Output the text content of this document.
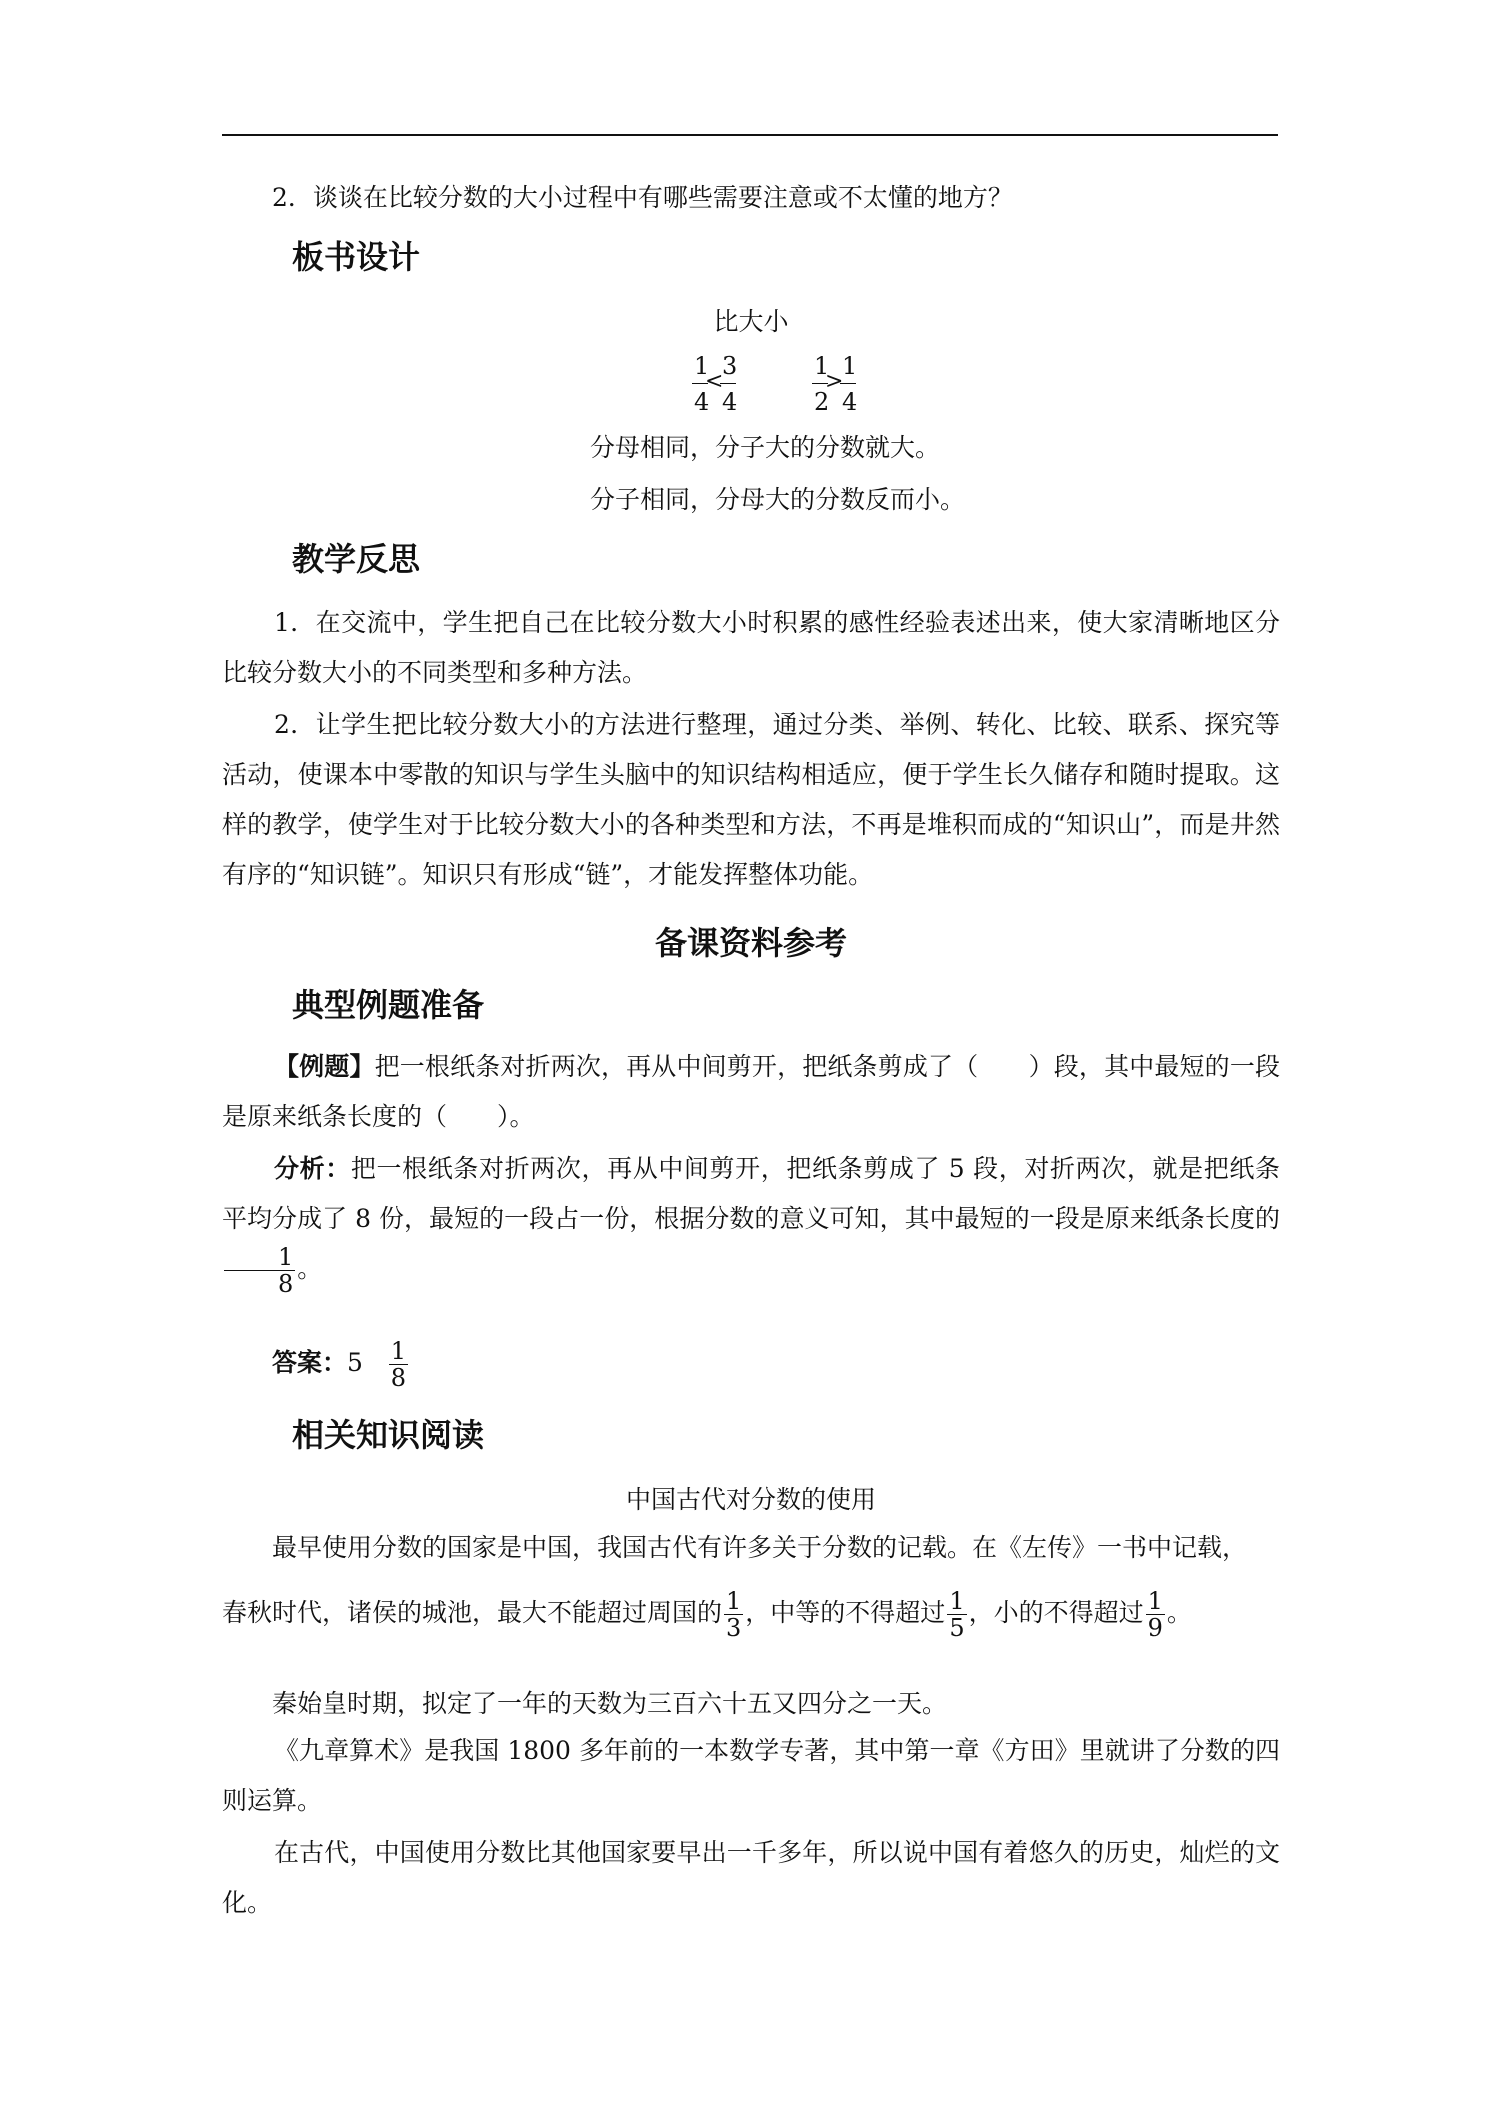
2．谈谈在比较分数的大小过程中有哪些需要注意或不太懂的地方？
板书设计
比大小
1 3
<
4 4
1 1
>
2 4
分母相同，分子大的分数就大。
分子相同，分母大的分数反而小。
教学反思

1．在交流中，学生把自己在比较分数大小时积累的感性经验表述出来，使大家清晰地区分比较分数大小的不同类型和多种方法。

2．让学生把比较分数大小的方法进行整理，通过分类、举例、转化、比较、联系、探究等活动，使课本中零散的知识与学生头脑中的知识结构相适应，便于学生长久储存和随时提取。这样的教学，使学生对于比较分数大小的各种类型和方法，不再是堆积而成的“知识山”，而是井然有序的“知识链”。知识只有形成“链”，才能发挥整体功能。

备课资料参考
典型例题准备

【例题】把一根纸条对折两次，再从中间剪开，把纸条剪成了（　　）段，其中最短的一段是原来纸条长度的（　　）。

分析：把一根纸条对折两次，再从中间剪开，把纸条剪成了 5 段，对折两次，就是把纸条平均分成了 8 份，最短的一段占一份，根据分数的意义可知，其中最短的一段是原来纸条长度的
$\frac{1}{8}$ 。

答案：$5 \frac{1}{8}$
相关知识阅读
中国古代对分数的使用
最早使用分数的国家是中国，我国古代有许多关于分数的记载。在《左传》一书中记载，
春秋时代，诸侯的城池，最大不能超过周国的 $\frac{1}{3}$ ，中等的不得超过 $\frac{1}{5}$ ，小的不得超过 $\frac{1}{9}$ 。
秦始皇时期，拟定了一年的天数为三百六十五又四分之一天。

《九章算术》是我国 1800 多年前的一本数学专著，其中第一章《方田》里就讲了分数的四则运算。

在古代，中国使用分数比其他国家要早出一千多年，所以说中国有着悠久的历史，灿烂的文化。
